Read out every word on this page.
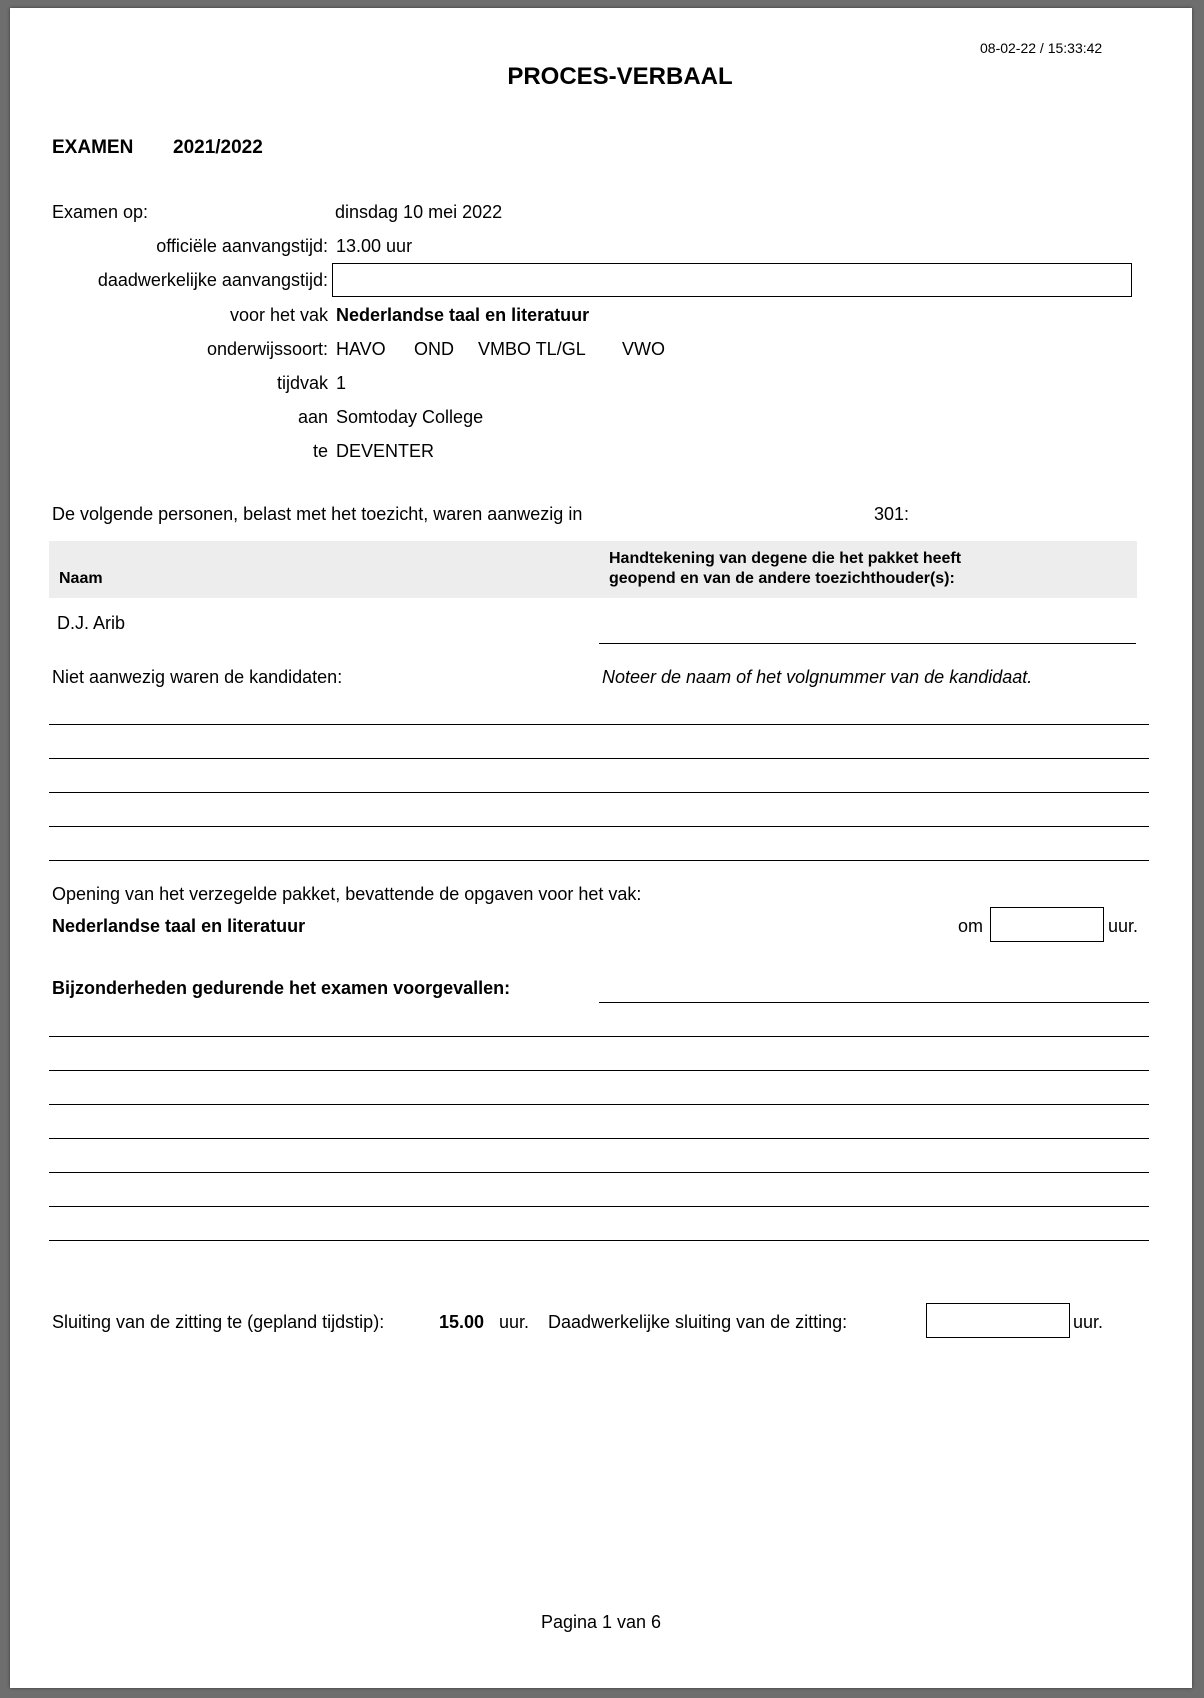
08-02-22 / 15:33:42
PROCES-VERBAAL
EXAMEN 2021/2022
Examen op:	dinsdag 10 mei 2022
officiële aanvangstijd: 13.00 uur
daadwerkelijke aanvangstijd:
voor het vak Nederlandse taal en literatuur
onderwijssoort: HAVO OND VMBO TL/GL VWO
tijdvak 1
aan Somtoday College
te DEVENTER
De volgende personen, belast met het toezicht, waren aanwezig in	301:
Naam
Handtekening van degene die het pakket heeft
geopend en van de andere toezichthouder(s):
D.J. Arib
Niet aanwezig waren de kandidaten:	Noteer de naam of het volgnummer van de kandidaat.
Opening van het verzegelde pakket, bevattende de opgaven voor het vak:
Nederlandse taal en literatuur	om	uur.
Bijzonderheden gedurende het examen voorgevallen:
Sluiting van de zitting te (gepland tijdstip):	15.00 uur. Daadwerkelijke sluiting van de zitting:	uur.
Pagina 1 van 6
